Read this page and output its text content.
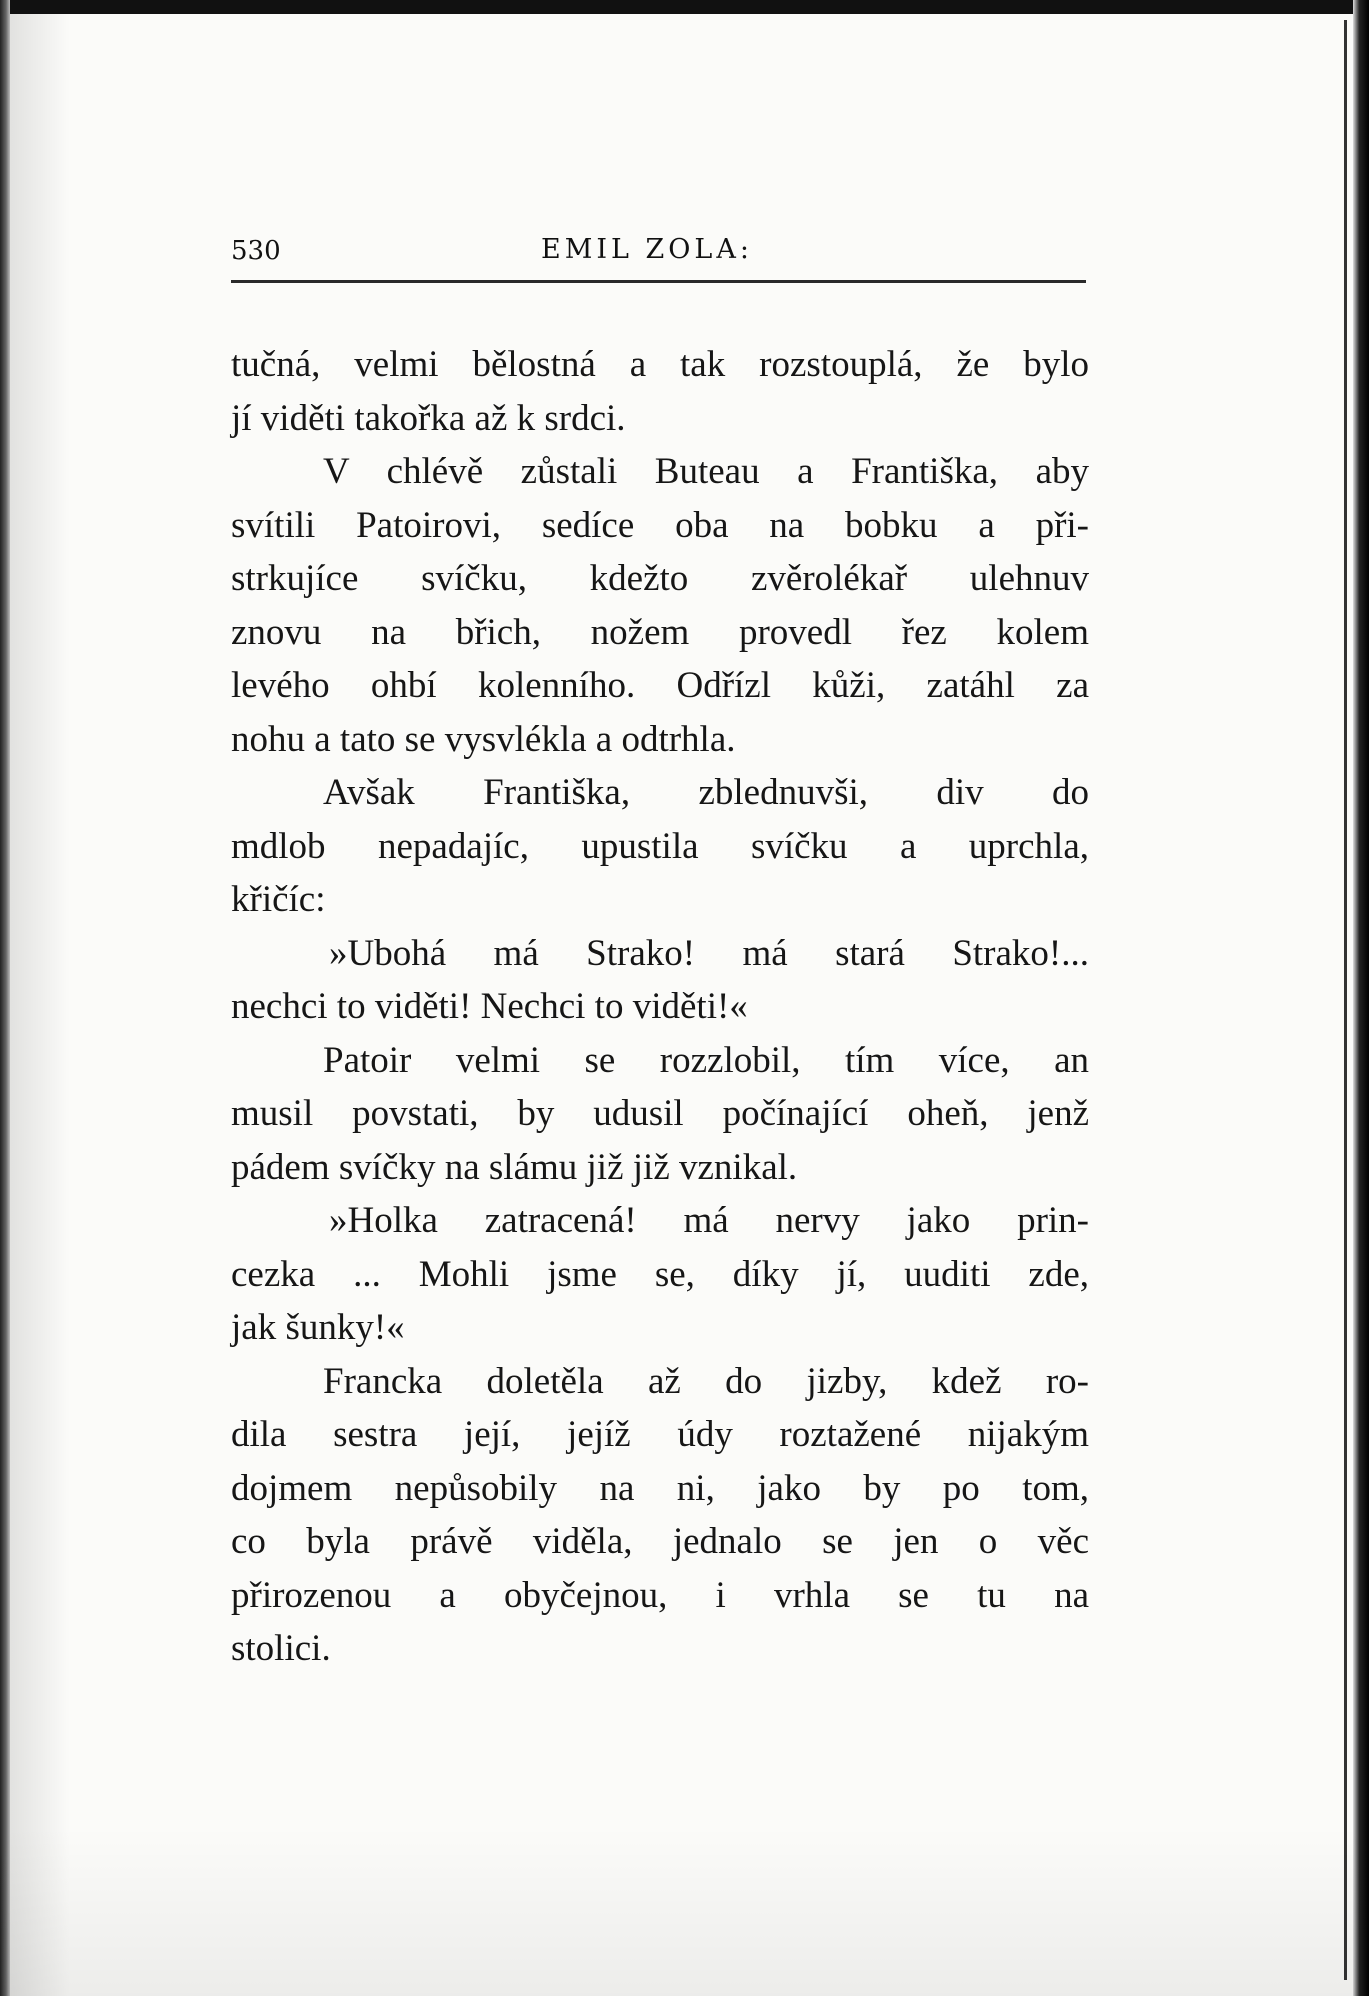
530	EMIL ZOLA:
tučná, velmi bělostná a tak rozstouplá, že bylo
jí viděti takořka až k srdci.
V chlévě zůstali Buteau a Františka, aby
svítili Patoirovi, sedíce oba na bobku a při-
strkujíce svíčku, kdežto zvěrolékař ulehnuv
znovu na břich, nožem provedl řez kolem
levého ohbí kolenního. Odřízl kůži, zatáhl za
nohu a tato se vysvlékla a odtrhla.
Avšak Františka, zblednuvši, div do
mdlob nepadajíc, upustila svíčku a uprchla,
křičíc:
»Ubohá má Strako! má stará Strako!...
nechci to viděti! Nechci to viděti!«
Patoir velmi se rozzlobil, tím více, an
musil povstati, by udusil počínající oheň, jenž
pádem svíčky na slámu již již vznikal.
»Holka zatracená! má nervy jako prin-
cezka ... Mohli jsme se, díky jí, uuditi zde,
jak šunky!«
Francka doletěla až do jizby, kdež ro-
dila sestra její, jejíž údy roztažené nijakým
dojmem nepůsobily na ni, jako by po tom,
co byla právě viděla, jednalo se jen o věc
přirozenou a obyčejnou, i vrhla se tu na
stolici.
